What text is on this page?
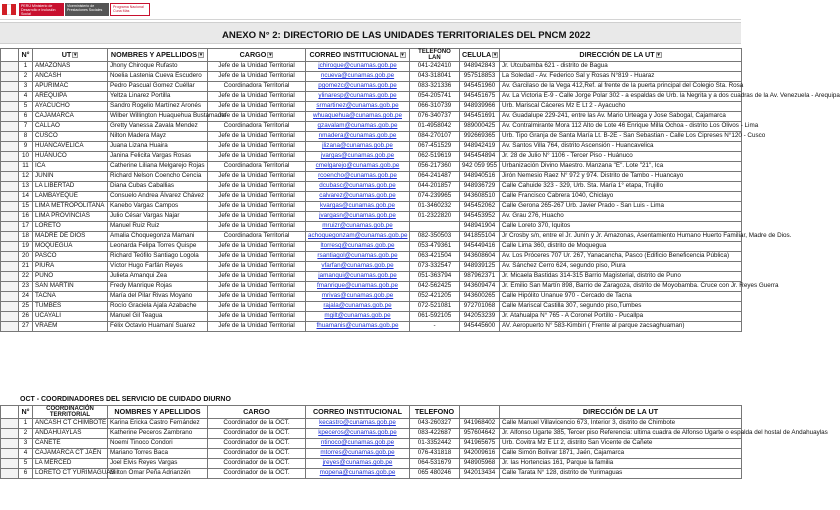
PERÚ Ministerio de Desarrollo e Inclusión Social
Viceministerio de Prestaciones Sociales
Programa Nacional Cuna Más
ANEXO N° 2: DIRECTORIO DE LAS UNIDADES TERRITORIALES DEL PNCM 2022
	N°	UT ▾	NOMBRES Y APELLIDOS ▾	CARGO ▾	CORREO INSTITUCIONAL ▾	TELEFONO LAN	CELULA ▾	DIRECCIÓN DE LA UT ▾
	1	AMAZONAS	Jhony Chiroque Rufasto	Jefe de la Unidad Territorial	jchiroque@cunamas.gob.pe	041-242410	948942843	Jr. Utcubamba 621 - distrito de Bagua
	2	ANCASH	Noelia Lastenia Cueva Escudero	Jefe de la Unidad Territorial	ncueva@cunamas.gob.pe	043-318041	957518853	La Soledad - Av. Federico Sal y Rosas N°819 - Huaraz
	3	APURIMAC	Pedro Pascual Gomez Cuéllar	Coordinadora Territorial	pgomezc@cunamas.gob.pe	083-321336	945451960	Av. Garcilaso de la Vega 412,Ref. al frente de la puerta principal del Colegio Sta. Rosa
	4	AREQUIPA	Yeltza Linarez Portilla	Jefe de la Unidad Territorial	ylinaresp@cunamas.gob.pe	054-205741	945451675	Av. La Victoria E-9 - Calle Jorge Polar 302 - a espaldas de Urb. la Negrita y a dos cuadras de la Av. Venezuela - Arequipa
	5	AYACUCHO	Sandro Rogelio Martínez Aronés	Jefe de la Unidad Territorial	srmartinez@cunamas.gob.pe	066-310739	948939966	Urb. Mariscal Cáceres Mz E Lt 2 - Ayacucho
	6	CAJAMARCA	Wilber Willington Huaquehua Bustamante	Jefe de la Unidad Territorial	whuaquehua@cunamas.gob.pe	076-340737	945451691	Av. Guadalupe 229-241, entre las Av. Mario Urteaga y Jose Sabogal, Cajamarca
	7	CALLAO	Gretty Vanessa Zavala Mendez	Coordinadora Territorial	gzavalam@cunamas.gob.pe	01-4958042	989000425	Av. Contralmirante Mora 112 Alto de Lote 46 Enrique Milla Ochoa - distrito Los Olivos - Lima
	8	CUSCO	Nilton Madera Mayz	Jefe de la Unidad Territorial	nmadera@cunamas.gob.pe	084-270107	992669365	Urb. Tipo Granja de Santa María Lt. B-2E - San Sebastian - Calle Los Cipreses N°120 - Cusco
	9	HUANCAVELICA	Juana Lizana Huaira	Jefe de la Unidad Territorial	jlizana@cunamas.gob.pe	067-451529	948942419	Av. Santos Villa 764, distrito Ascensión - Huancavelica
	10	HUÁNUCO	Janina Felicita Vargas Rosas	Jefe de la Unidad Territorial	jvargas@cunamas.gob.pe	062-519619	945454894	Jr. 28 de Julio N° 1106 - Tercer Piso - Huánuco
	11	ICA	Catherine Liliana Melgarejo Rojas	Coordinadora Territorial	cmelgarejo@cunamas.gob.pe	056-217360	942 059 955	Urbanización Divino Maestro. Manzana "E". Lote "21", Ica
	12	JUNIN	Richard Nelson Coencho Cencia	Jefe de la Unidad Territorial	rcoencho@cunamas.gob.pe	064-241487	948940516	Jirón Nemesio Raez N° 972 y 974. Distrito de Tambo - Huancayo
	13	LA LIBERTAD	Diana Cubas Caballias	Jefe de la Unidad Territorial	dcubasc@cunamas.gob.pe	044-201857	948936729	Calle Cahuide 323 - 329, Urb. Sta. María 1° etapa, Trujillo
	14	LAMBAYEQUE	Consuelo Andrea Álvarez Chávez	Jefe de la Unidad Territorial	calvarez@cunamas.gob.pe	074-239965	943608510	Calle Francisco Cabrera 1040, Chiclayo
	15	LIMA METROPOLITANA	Kanebo Vargas Campos	Jefe de la Unidad Territorial	kvargas@cunamas.gob.pe	01-3460232	945452062	Calle Gerona 265-267 Urb. Javier Prado - San Luis - Lima
	16	LIMA PROVINCIAS	Julio César Vargas Najar	Jefe de la Unidad Territorial	jvargasn@cunamas.gob.pe	01-2322820	945453952	Av. Grau 276, Huacho
	17	LORETO	Manuel Ruiz Ruiz	Jefe de la Unidad Territorial	mruizr@cunamas.gob.pe		948941904	Calle Loreto 370, Iquitos
	18	MADRE DE DIOS	Amalia Choquegonza Mamani	Coordinadora Territorial	achoquegonzam@cunamas.gob.pe	082-350503	941855104	Jr Crosby s/n, entre el Jr. Junín y Jr. Amazonas, Asentamiento Humano Huerto Familiar, Madre de Dios.
	19	MOQUEGUA	Leonarda Felipa Torres Quispe	Jefe de la Unidad Territorial	ltorresq@cunamas.gob.pe	053-479361	945449416	Calle Lima 360, distrito de Moquegua
	20	PASCO	Richard Teófilo Santiago Logola	Jefe de la Unidad Territorial	rsantiagol@cunamas.gob.pe	063-421504	943608604	Av. Los Próceres 707 Ur. 267, Yanacancha, Pasco (Edificio Beneficencia Pública)
	21	PIURA	Víctor Hugo Farfán Reyes	Jefe de la Unidad Territorial	vfarfan@cunamas.gob.pe	073-332547	948939125	Av. Sánchez Cerro 624, segundo piso, Piura
	22	PUNO	Julieta Amanqui Zea	Jefe de la Unidad Territorial	jamanqui@cunamas.gob.pe	051-363794	987962371	Jr. Micaela Bastidas 314-315 Barrio Magisterial, distrito de Puno
	23	SAN MARTIN	Fredy Manrique Rojas	Jefe de la Unidad Territorial	fmanrique@cunamas.gob.pe	042-562425	943609474	Jr. Emilio San Martín 898, Barrio de Zaragoza, distrito de Moyobamba. Cruce con Jr. Reyes Guerra
	24	TACNA	María del Pilar Rivas Moyano	Jefe de la Unidad Territorial	mrivas@cunamas.gob.pe	052-421205	943600265	Calle Hipólito Unanue 970 - Cercado de Tacna
	25	TUMBES	Rocío Graciela Ajala Azabache	Jefe de la Unidad Territorial	rajala@cunamas.gob.pe	072-521081	972701068	Calle Mariscal Castilla 307, segundo piso,Tumbes
	26	UCAYALI	Manuel Gil Teagua	Jefe de la Unidad Territorial	mgilt@cunamas.gob.pe	061-592105	942053239	Jr. Atahualpa N° 765 - A Coronel Portillo - Pucallpa
	27	VRAEM	Félix Octavio Huamaní Suarez	Jefe de la Unidad Territorial	fhuamanis@cunamas.gob.pe	-	945445600	AV. Aeropuerto N° 583-Kimbiri ( Frente al parque zacsaghuaman)
OCT - COORDINADORES DEL SERVICIO DE CUIDADO DIURNO
	N°	COORDINACIÓN TERRITORIAL	NOMBRES Y APELLIDOS	CARGO	CORREO INSTITUCIONAL	TELEFONO		DIRECCIÓN DE LA UT
	1	ANCASH CT CHIMBOTE	Karina Ericka Castro Fernández	Coordinador de la OCT.	kecastro@cunamas.gob.pe	043-260327	941968402	Calle Manuel Villavicencio 673, Interior 3, distrito de Chimbote
	2	ANDAHUAYLAS	Katherine Peceros Zambrano	Coordinador de la OCT.	kpeceros@cunamas.gob.pe	083-422687	957604642	Jr. Alfonso Ugarte 385, Tercer piso Referencia: ultima cuadra de Alfonso Ugarte o espalda del hostal de Andahuaylas
	3	CAÑETE	Noemí Tinoco Condori	Coordinador de la OCT.	ntinoco@cunamas.gob.pe	01-3352442	941965675	Urb. Covitra Mz E Lt 2, distrito San Vicente de Cañete
	4	CAJAMARCA CT JAÉN	Mariano Torres Baca	Coordinador de la OCT.	mtorres@cunamas.gob.pe	076-431818	942009616	Calle Simón Bolívar 1871, Jaén, Cajamarca
	5	LA MERCED	Joel Elvis Reyes Vargas	Coordinador de la OCT.	jreyes@cunamas.gob.pe	064-531679	948905968	Jr. Ias Hortencias 161, Parque la familia
	6	LORETO CT YURIMAGUAS	Milton Omar Peña Adrianzén	Coordinador de la OCT.	mopena@cunamas.gob.pe	065 480246	942013434	Calle Tarata N° 128, distrito de Yurimaguas
